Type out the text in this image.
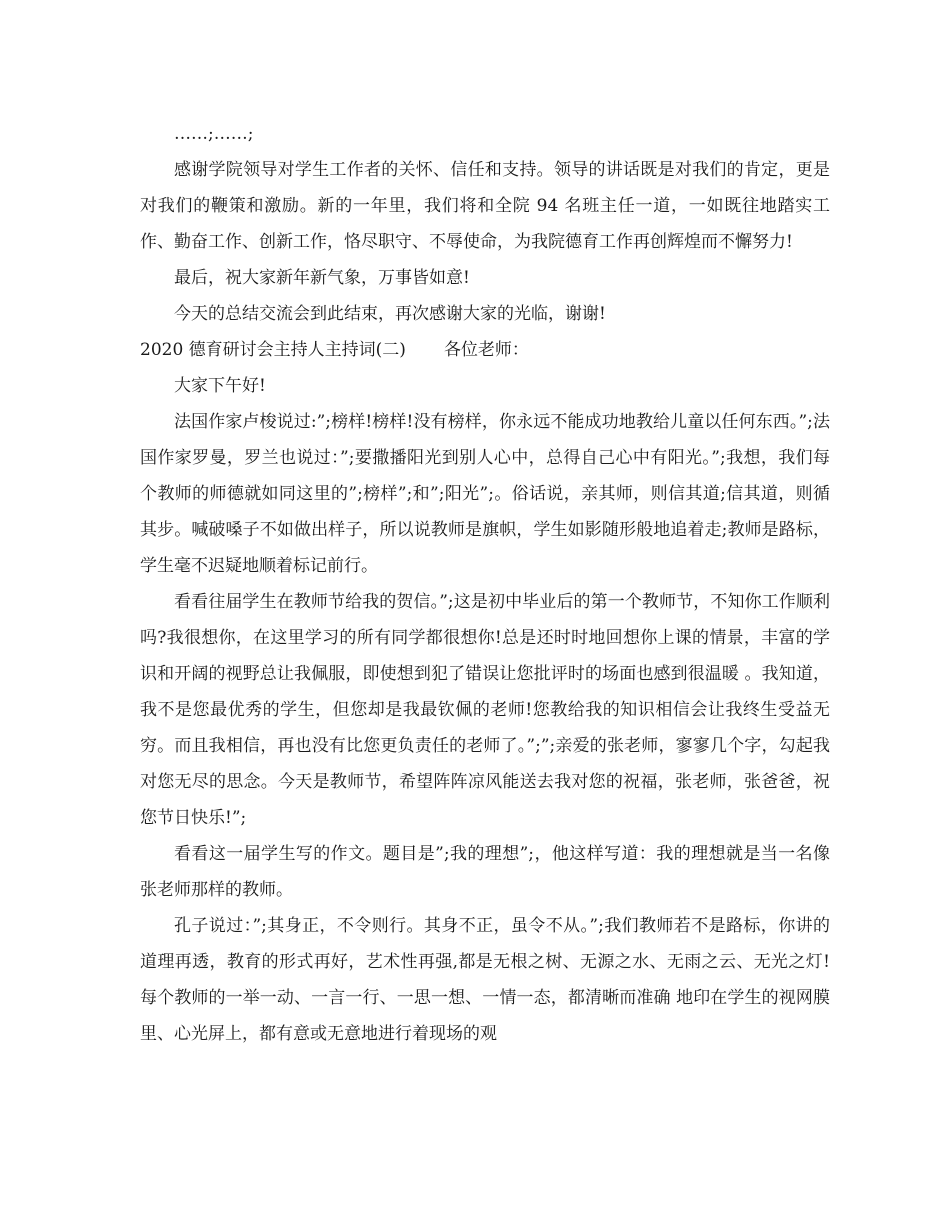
……;……;

感谢学院领导对学生工作者的关怀、信任和支持。领导的讲话既是对我们的肯定，更是对我们的鞭策和激励。新的一年里，我们将和全院 94 名班主任一道，一如既往地踏实工作、勤奋工作、创新工作，恪尽职守、不辱使命，为我院德育工作再创辉煌而不懈努力!

最后，祝大家新年新气象，万事皆如意!

今天的总结交流会到此结束，再次感谢大家的光临，谢谢!

2020 德育研讨会主持人主持词(二) 各位老师：

大家下午好!

法国作家卢梭说过:”;榜样!榜样!没有榜样，你永远不能成功地教给儿童以任何东西。”;法国作家罗曼，罗兰也说过：”;要撒播阳光到别人心中，总得自己心中有阳光。”;我想，我们每个教师的师德就如同这里的”;榜样”;和”;阳光”;。俗话说，亲其师，则信其道;信其道，则循其步。喊破嗓子不如做出样子，所以说教师是旗帜，学生如影随形般地追着走;教师是路标，学生毫不迟疑地顺着标记前行。

看看往届学生在教师节给我的贺信。”;这是初中毕业后的第一个教师节，不知你工作顺利吗?我很想你，在这里学习的所有同学都很想你!总是还时时地回想你上课的情景，丰富的学识和开阔的视野总让我佩服，即使想到犯了错误让您批评时的场面也感到很温暖 。我知道，我不是您最优秀的学生，但您却是我最钦佩的老师!您教给我的知识相信会让我终生受益无穷。而且我相信，再也没有比您更负责任的老师了。”;”;亲爱的张老师，寥寥几个字，勾起我对您无尽的思念。今天是教师节，希望阵阵凉风能送去我对您的祝福，张老师，张爸爸，祝您节日快乐!”;

看看这一届学生写的作文。题目是”;我的理想”;，他这样写道：我的理想就是当一名像张老师那样的教师。

孔子说过：”;其身正，不令则行。其身不正，虽令不从。”;我们教师若不是路标，你讲的道理再透，教育的形式再好，艺术性再强,都是无根之树、无源之水、无雨之云、无光之灯!每个教师的一举一动、一言一行、一思一想、一情一态，都清晰而准确 地印在学生的视网膜里、心光屏上，都有意或无意地进行着现场的观
